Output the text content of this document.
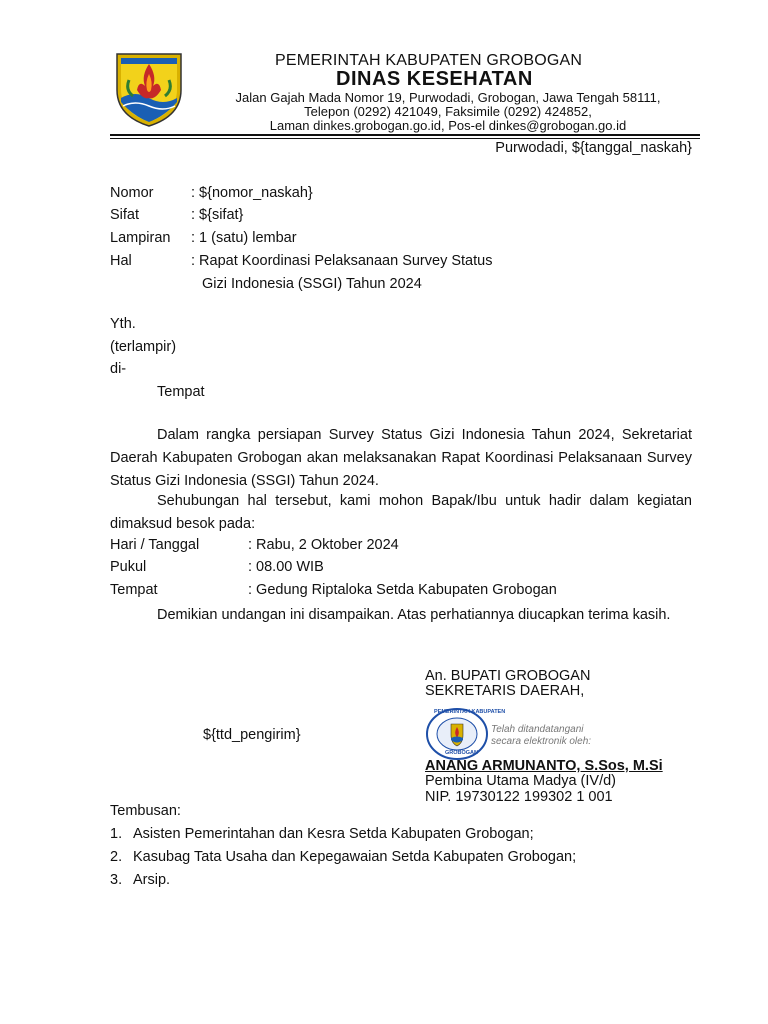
PEMERINTAH KABUPATEN GROBOGAN
DINAS KESEHATAN
Jalan Gajah Mada Nomor 19, Purwodadi, Grobogan, Jawa Tengah 58111,
Telepon (0292) 421049, Faksimile (0292) 424852,
Laman dinkes.grobogan.go.id, Pos-el dinkes@grobogan.go.id
Purwodadi, ${tanggal_naskah}
Nomor	: ${nomor_naskah}
Sifat	: ${sifat}
Lampiran : 1 (satu) lembar
Hal	: Rapat Koordinasi Pelaksanaan Survey Status
Gizi Indonesia (SSGI) Tahun 2024
Yth.
(terlampir)
di-
Tempat
Dalam rangka persiapan Survey Status Gizi Indonesia Tahun 2024, Sekretariat Daerah Kabupaten Grobogan akan melaksanakan Rapat Koordinasi Pelaksanaan Survey Status Gizi Indonesia (SSGI) Tahun 2024.
Sehubungan hal tersebut, kami mohon Bapak/Ibu untuk hadir dalam kegiatan dimaksud besok pada:
Hari / Tanggal	: Rabu, 2 Oktober 2024
Pukul	: 08.00 WIB
Tempat	: Gedung Riptaloka Setda Kabupaten Grobogan
Demikian undangan ini disampaikan. Atas perhatiannya diucapkan terima kasih.
An. BUPATI GROBOGAN
SEKRETARIS DAERAH,
${ttd_pengirim}
PEMERINTAH KABUPATEN
GROBOGAN
Telah ditandatangani
secara elektronik oleh:
ANANG ARMUNANTO, S.Sos, M.Si
Pembina Utama Madya (IV/d)
NIP. 19730122 199302 1 001
Tembusan:
1. Asisten Pemerintahan dan Kesra Setda Kabupaten Grobogan;
2. Kasubag Tata Usaha dan Kepegawaian Setda Kabupaten Grobogan;
3. Arsip.
